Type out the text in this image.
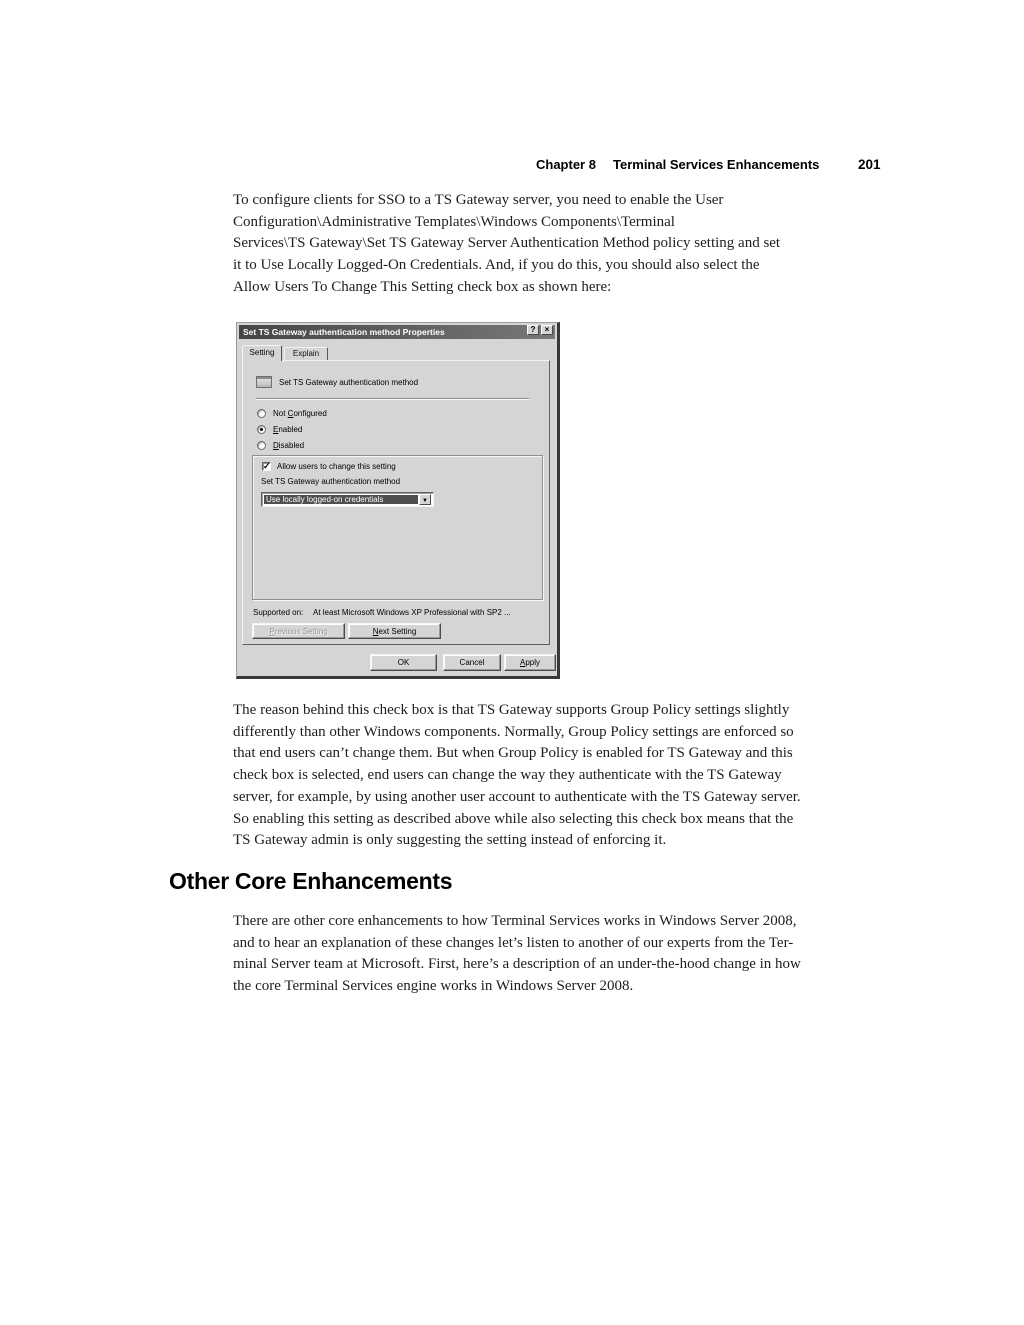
Chapter 8 Terminal Services Enhancements	201
To configure clients for SSO to a TS Gateway server, you need to enable the User
Configuration\Administrative Templates\Windows Components\Terminal
Services\TS Gateway\Set TS Gateway Server Authentication Method policy setting and set
it to Use Locally Logged-On Credentials. And, if you do this, you should also select the
Allow Users To Change This Setting check box as shown here:
Set TS Gateway authentication method Properties	?	×
Setting	Explain
Set TS Gateway authentication method
Not Configured
Enabled
Disabled
✓ Allow users to change this setting
Set TS Gateway authentication method
Use locally logged-on credentials	▼
Supported on: At least Microsoft Windows XP Professional with SP2 ...
Previous Setting	Next Setting
OK	Cancel	Apply
The reason behind this check box is that TS Gateway supports Group Policy settings slightly
differently than other Windows components. Normally, Group Policy settings are enforced so
that end users can’t change them. But when Group Policy is enabled for TS Gateway and this
check box is selected, end users can change the way they authenticate with the TS Gateway
server, for example, by using another user account to authenticate with the TS Gateway server.
So enabling this setting as described above while also selecting this check box means that the
TS Gateway admin is only suggesting the setting instead of enforcing it.
Other Core Enhancements
There are other core enhancements to how Terminal Services works in Windows Server 2008,
and to hear an explanation of these changes let’s listen to another of our experts from the Ter-
minal Server team at Microsoft. First, here’s a description of an under-the-hood change in how
the core Terminal Services engine works in Windows Server 2008.
